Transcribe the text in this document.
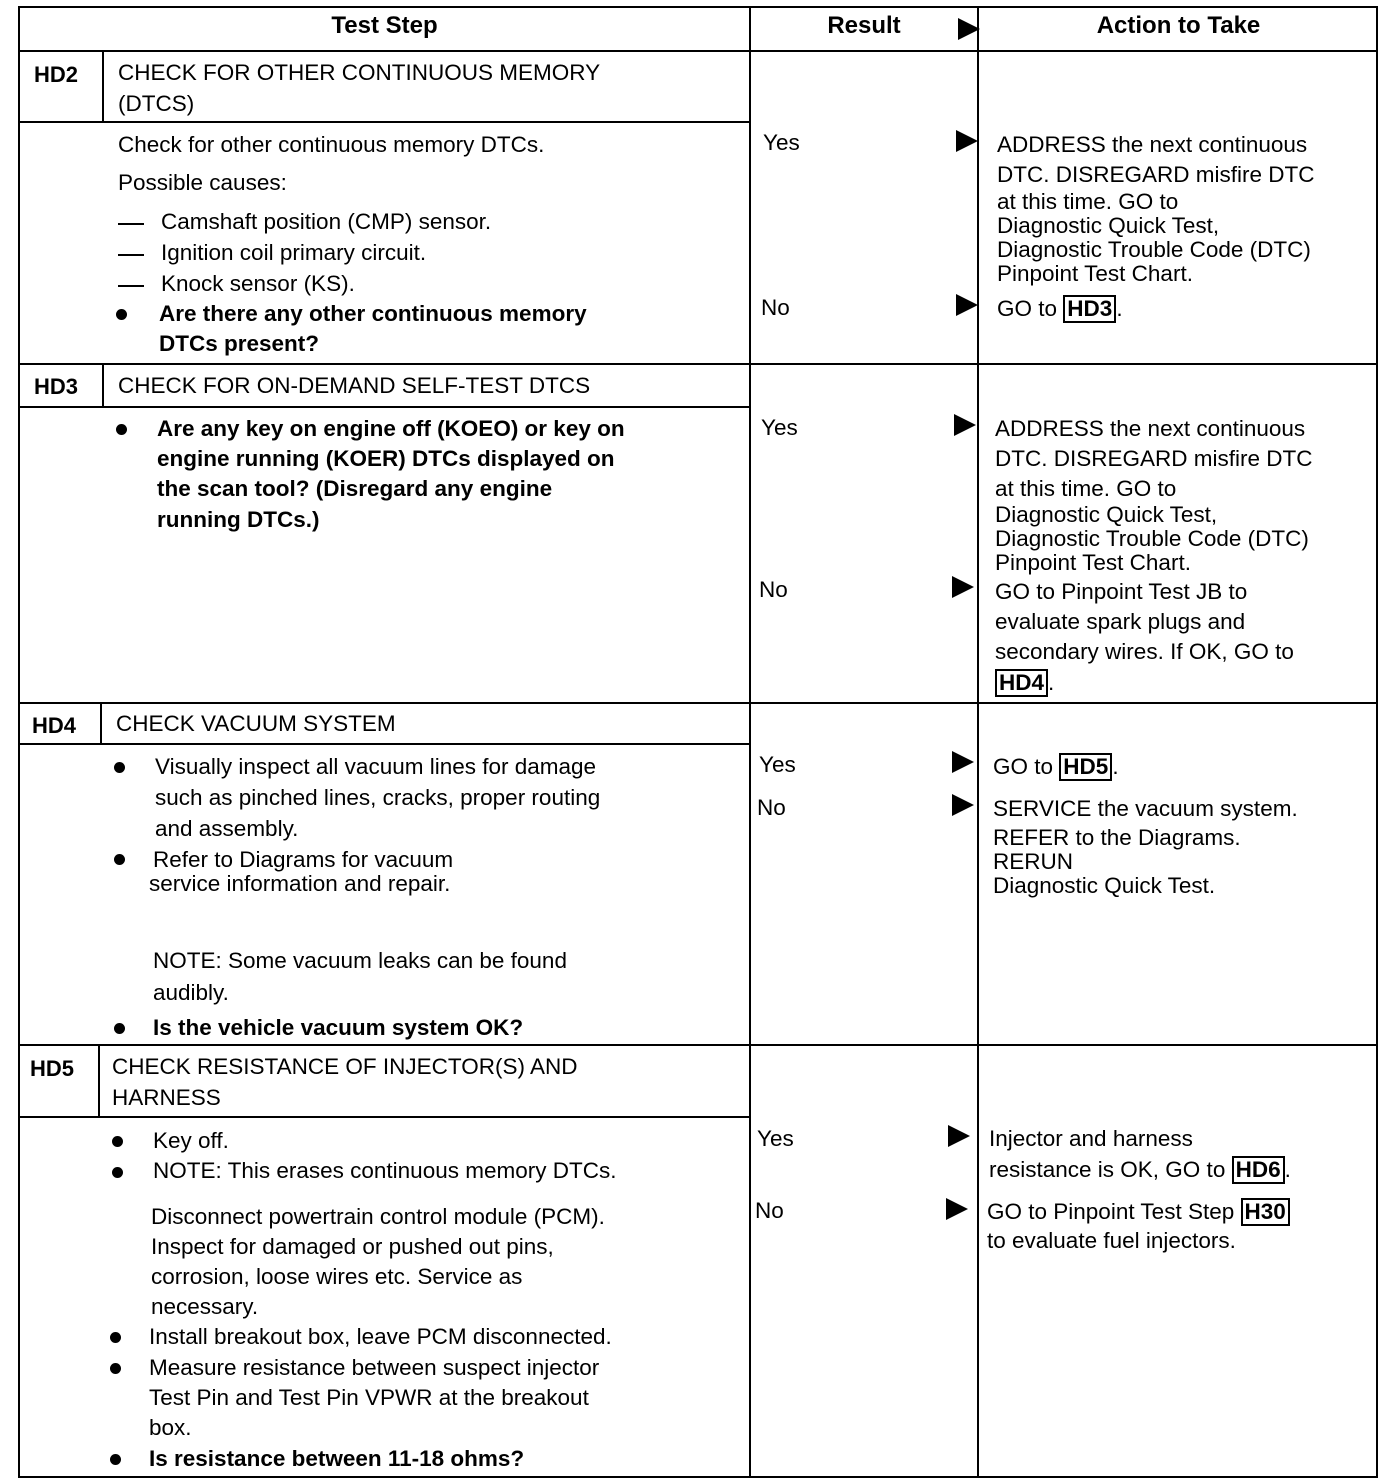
Test Step	Result	Action to Take
HD2 CHECK FOR OTHER CONTINUOUS MEMORY
(DTCS)
Check for other continuous memory DTCs.
Possible causes:
Camshaft position (CMP) sensor.
Ignition coil primary circuit.
Knock sensor (KS).
Are there any other continuous memory
DTCs present?
Yes
No
ADDRESS the next continuous
DTC. DISREGARD misfire DTC
at this time. GO to
Diagnostic Quick Test,
Diagnostic Trouble Code (DTC)
Pinpoint Test Chart.
GO to HD3 .
HD3 CHECK FOR ON-DEMAND SELF-TEST DTCS
Are any key on engine off (KOEO) or key on
engine running (KOER) DTCs displayed on
the scan tool? (Disregard any engine
running DTCs.)
Yes
No
ADDRESS the next continuous
DTC. DISREGARD misfire DTC
at this time. GO to
Diagnostic Quick Test,
Diagnostic Trouble Code (DTC)
Pinpoint Test Chart.
GO to Pinpoint Test JB to
evaluate spark plugs and
secondary wires. If OK, GO to
HD4 .
HD4 CHECK VACUUM SYSTEM
Visually inspect all vacuum lines for damage
such as pinched lines, cracks, proper routing
and assembly.
Refer to Diagrams for vacuum
service information and repair.
NOTE: Some vacuum leaks can be found
audibly.
Is the vehicle vacuum system OK?
Yes
No
GO to HD5 .
SERVICE the vacuum system.
REFER to the Diagrams.
RERUN
Diagnostic Quick Test.
HD5 CHECK RESISTANCE OF INJECTOR(S) AND
HARNESS
Key off.
NOTE: This erases continuous memory DTCs.
Disconnect powertrain control module (PCM).
Inspect for damaged or pushed out pins,
corrosion, loose wires etc. Service as
necessary.
Install breakout box, leave PCM disconnected.
Measure resistance between suspect injector
Test Pin and Test Pin VPWR at the breakout
box.
Is resistance between 11-18 ohms?
Yes
No
Injector and harness
resistance is OK, GO to HD6 .
GO to Pinpoint Test Step H30
to evaluate fuel injectors.
